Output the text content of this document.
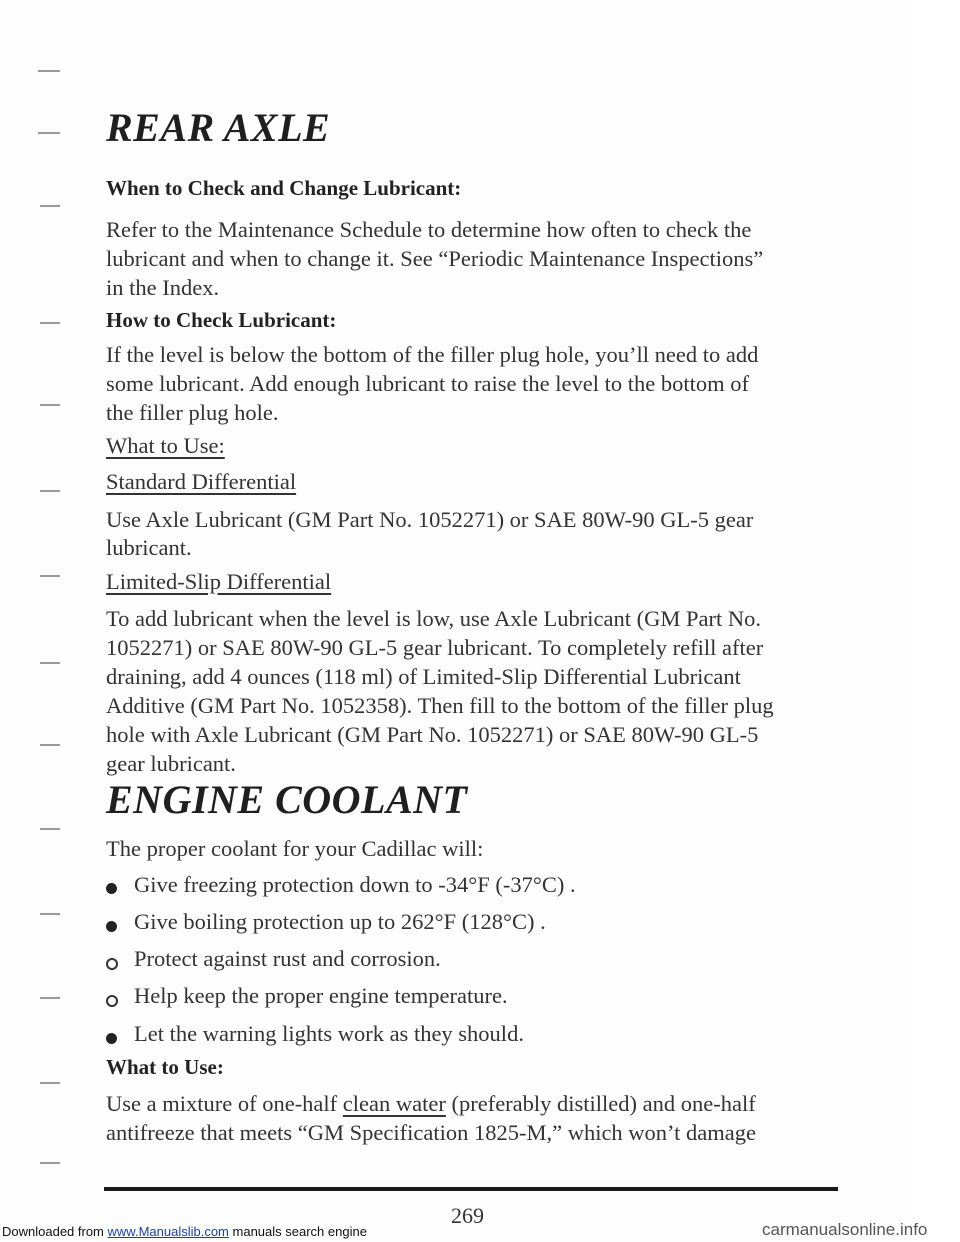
REAR AXLE
When to Check and Change Lubricant:
Refer to the Maintenance Schedule to determine how often to check the
lubricant and when to change it. See “Periodic Maintenance Inspections”
in the Index.
How to Check Lubricant:
If the level is below the bottom of the filler plug hole, you’ll need to add
some lubricant. Add enough lubricant to raise the level to the bottom of
the filler plug hole.
What to Use:
Standard Differential
Use Axle Lubricant (GM Part No. 1052271) or SAE 80W-90 GL-5 gear
lubricant.
Limited-Slip Differential
To add lubricant when the level is low, use Axle Lubricant (GM Part No.
1052271) or SAE 80W-90 GL-5 gear lubricant. To completely refill after
draining, add 4 ounces (118 ml) of Limited-Slip Differential Lubricant
Additive (GM Part No. 1052358). Then fill to the bottom of the filler plug
hole with Axle Lubricant (GM Part No. 1052271) or SAE 80W-90 GL-5
gear lubricant.
ENGINE COOLANT
The proper coolant for your Cadillac will:
Give freezing protection down to -34°F (-37°C) .
Give boiling protection up to 262°F (128°C) .
Protect against rust and corrosion.
Help keep the proper engine temperature.
Let the warning lights work as they should.
What to Use:
Use a mixture of one-half clean water (preferably distilled) and one-half
antifreeze that meets “GM Specification 1825-M,” which won’t damage
269
Downloaded from www.Manualslib.com manuals search engine	carmanualsonline.info
